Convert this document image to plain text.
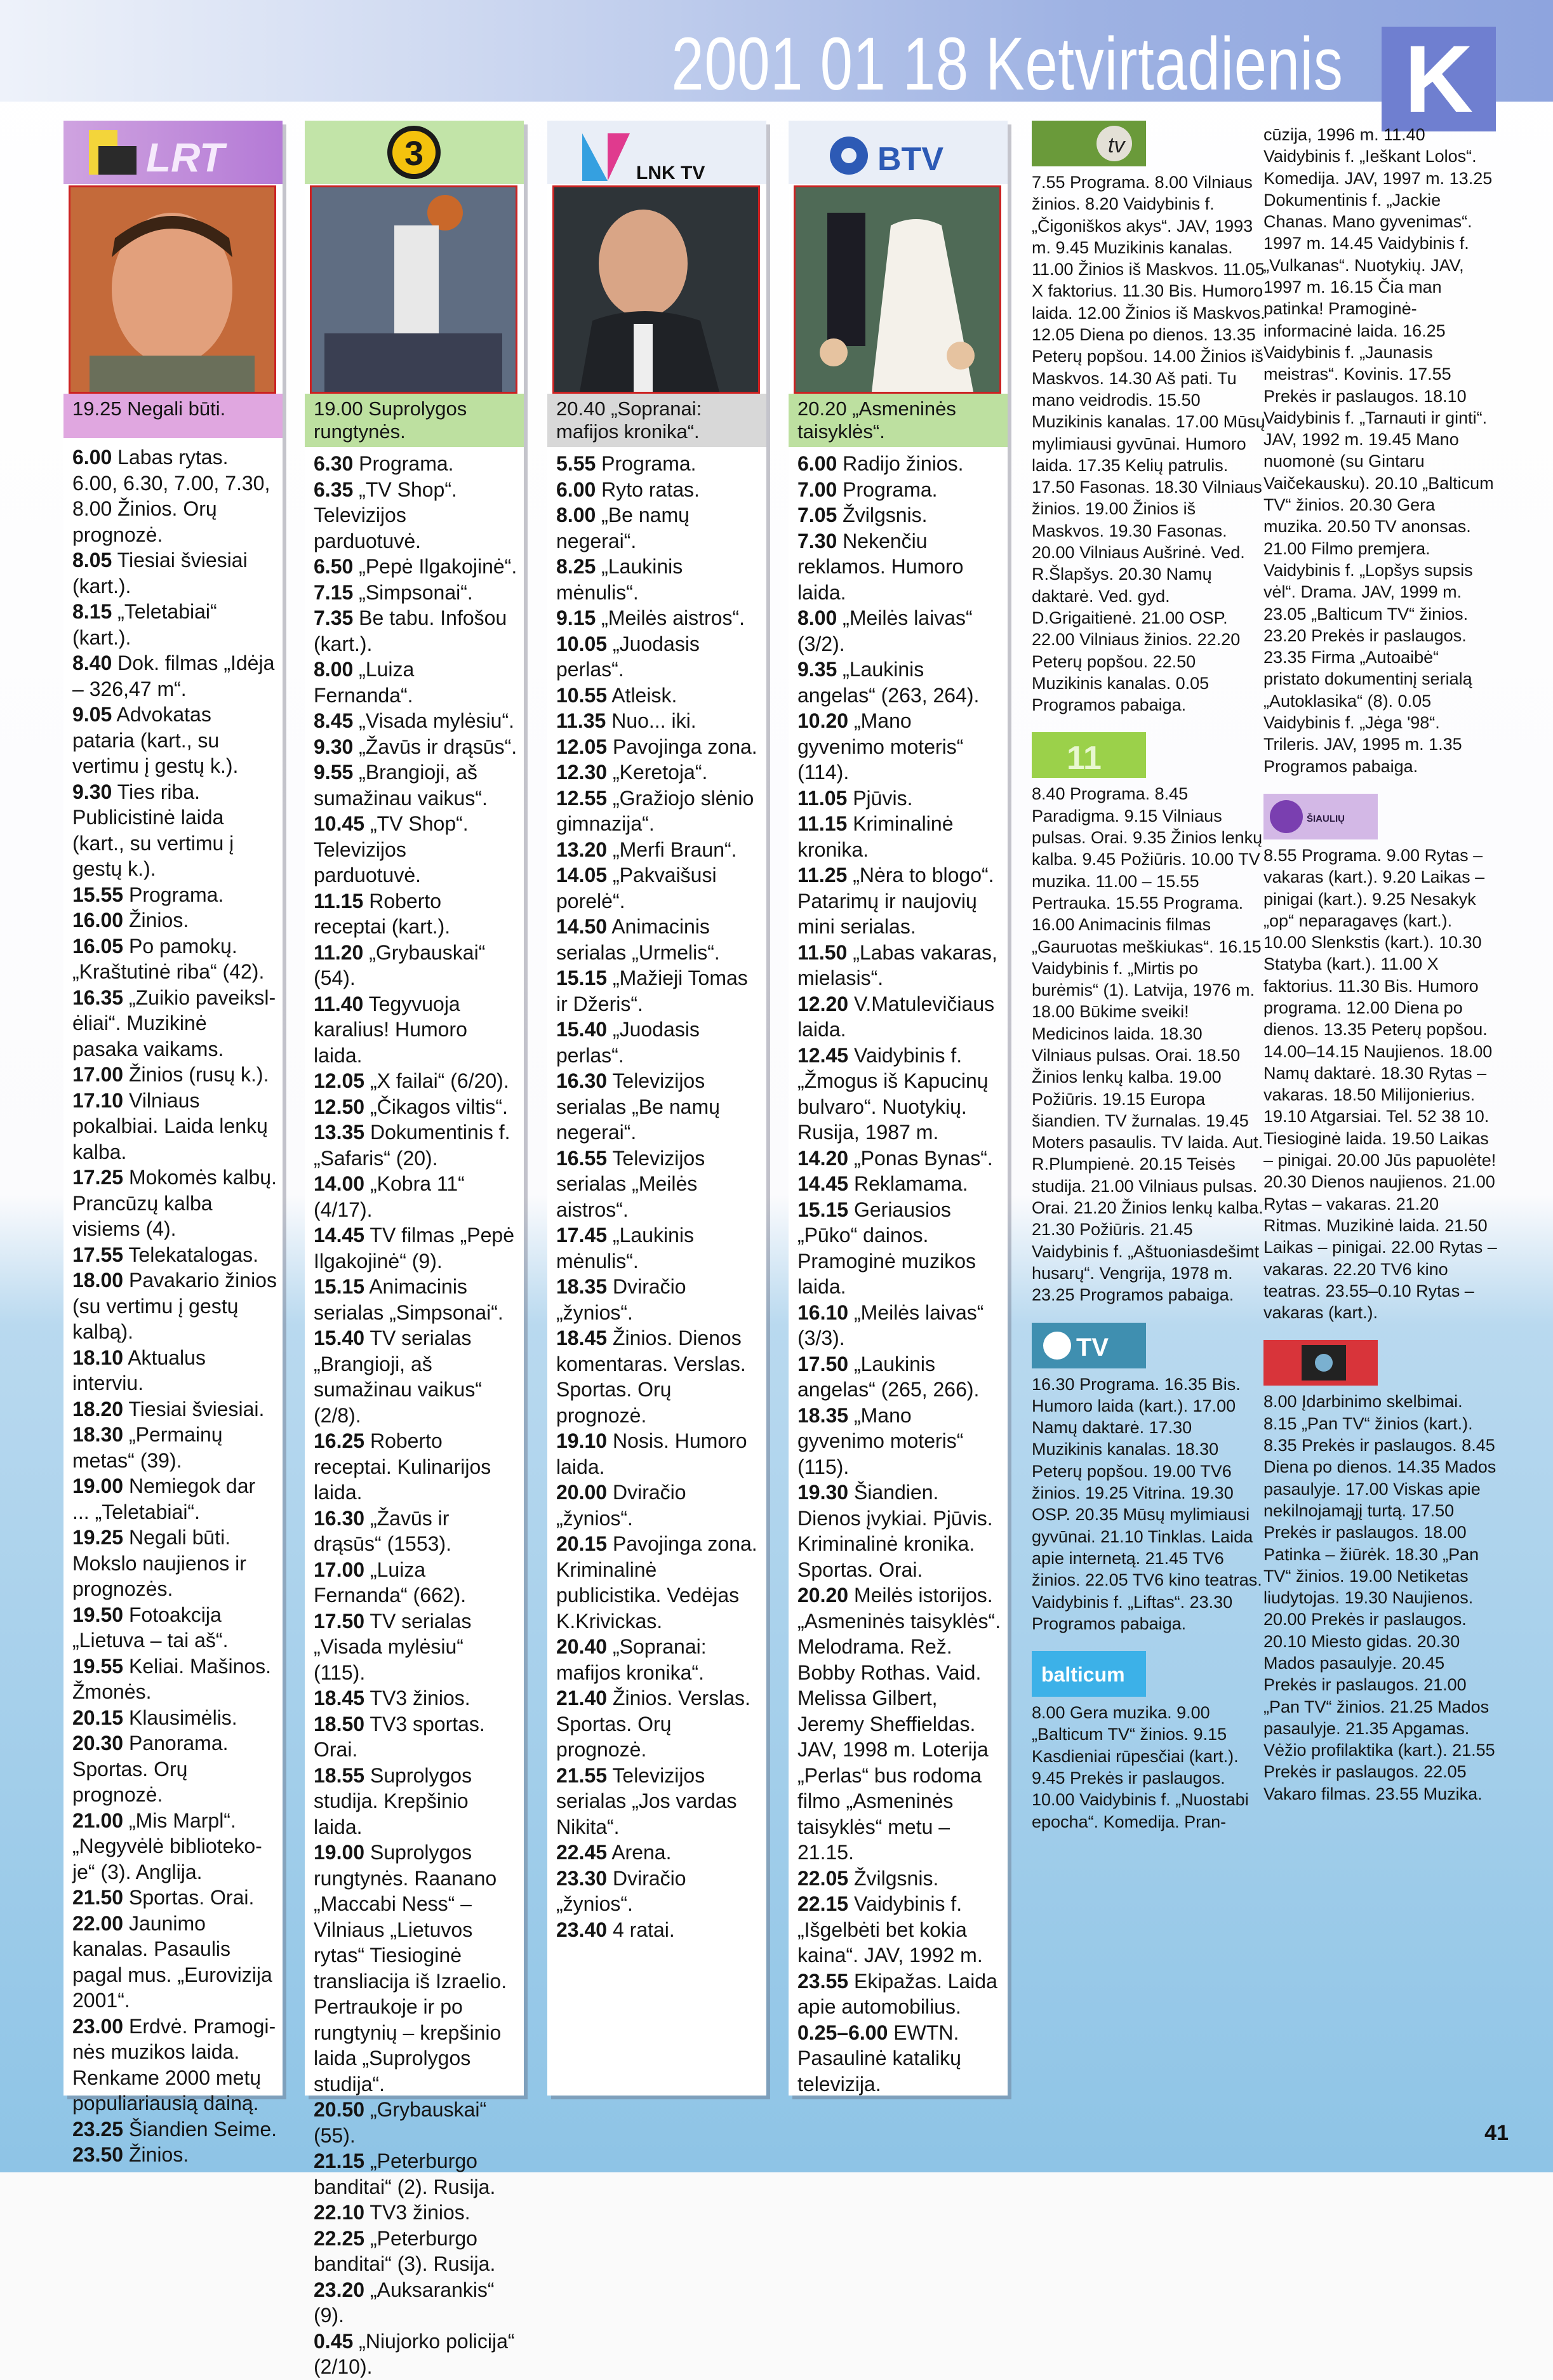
2001 01 18 Ketvirtadienis K
LRT
19.25 Negali būti.

6.00 Labas rytas.

6.00, 6.30, 7.00, 7.30, 8.00 Žinios. Orų prognozė.

8.05 Tiesiai šviesiai (kart.).

8.15 „Teletabiai“ (kart.).

8.40 Dok. filmas „Idėja – 326,47 m“.

9.05 Advokatas pataria (kart., su vertimu į gestų k.).

9.30 Ties riba. Publicistinė laida (kart., su vertimu į gestų k.).

15.55 Programa.

16.00 Žinios.

16.05 Po pamokų. „Kraštutinė riba“ (42).

16.35 „Zuikio paveikslėliai“. Muzikinė pasaka vaikams.

17.00 Žinios (rusų k.).

17.10 Vilniaus pokalbiai. Laida lenkų kalba.

17.25 Mokomės kalbų. Prancūzų kalba visiems (4).

17.55 Telekatalogas.

18.00 Pavakario žinios (su vertimu į gestų kalbą).

18.10 Aktualus interviu.

18.20 Tiesiai šviesiai.

18.30 „Permainų metas“ (39).

19.00 Nemiegok dar ... „Teletabiai“.

19.25 Negali būti. Mokslo naujienos ir prognozės.

19.50 Fotoakcija „Lietuva – tai aš“.

19.55 Keliai. Mašinos. Žmonės.

20.15 Klausimėlis.

20.30 Panorama. Sportas. Orų prognozė.

21.00 „Mis Marpl“. „Negyvėlė bibliotekoje“ (3). Anglija.

21.50 Sportas. Orai.

22.00 Jaunimo kanalas. Pasaulis pagal mus. „Eurovizija 2001“.

23.00 Erdvė. Pramoginės muzikos laida. Renkame 2000 metų populiariausią dainą.

23.25 Šiandien Seime.

23.50 Žinios.

3
19.00 Suprolygos rungtynės.

6.30 Programa.

6.35 „TV Shop“. Televizijos parduotuvė.

6.50 „Pepė Ilgakojinė“.

7.15 „Simpsonai“.

7.35 Be tabu. Infošou (kart.).

8.00 „Luiza Fernanda“.

8.45 „Visada mylėsiu“.

9.30 „Žavūs ir drąsūs“.

9.55 „Brangioji, aš sumažinau vaikus“.

10.45 „TV Shop“. Televizijos parduotuvė.

11.15 Roberto receptai (kart.).

11.20 „Grybauskai“ (54).

11.40 Tegyvuoja karalius! Humoro laida.

12.05 „X failai“ (6/20).

12.50 „Čikagos viltis“.

13.35 Dokumentinis f. „Safaris“ (20).

14.00 „Kobra 11“ (4/17).

14.45 TV filmas „Pepė Ilgakojinė“ (9).

15.15 Animacinis serialas „Simpsonai“.

15.40 TV serialas „Brangioji, aš sumažinau vaikus“ (2/8).

16.25 Roberto receptai. Kulinarijos laida.

16.30 „Žavūs ir drąsūs“ (1553).

17.00 „Luiza Fernanda“ (662).

17.50 TV serialas „Visada mylėsiu“ (115).

18.45 TV3 žinios.

18.50 TV3 sportas. Orai.

18.55 Suprolygos studija. Krepšinio laida.

19.00 Suprolygos rungtynės. Raanano „Maccabi Ness“ – Vilniaus „Lietuvos rytas“ Tiesioginė transliacija iš Izraelio. Pertraukoje ir po rungtynių – krepšinio laida „Suprolygos studija“.

20.50 „Grybauskai“ (55).

21.15 „Peterburgo banditai“ (2). Rusija.

22.10 TV3 žinios.

22.25 „Peterburgo banditai“ (3). Rusija.

23.20 „Auksarankis“ (9).

0.45 „Niujorko policija“ (2/10).

LNK TV
20.40 „Sopranai: mafijos kronika“.

5.55 Programa.

6.00 Ryto ratas.

8.00 „Be namų negerai“.

8.25 „Laukinis mėnulis“.

9.15 „Meilės aistros“.

10.05 „Juodasis perlas“.

10.55 Atleisk.

11.35 Nuo... iki.

12.05 Pavojinga zona.

12.30 „Keretoja“.

12.55 „Gražiojo slėnio gimnazija“.

13.20 „Merfi Braun“.

14.05 „Pakvaišusi porelė“.

14.50 Animacinis serialas „Urmelis“.

15.15 „Mažieji Tomas ir Džeris“.

15.40 „Juodasis perlas“.

16.30 Televizijos serialas „Be namų negerai“.

16.55 Televizijos serialas „Meilės aistros“.

17.45 „Laukinis mėnulis“.

18.35 Dviračio „žynios“.

18.45 Žinios. Dienos komentaras. Verslas. Sportas. Orų prognozė.

19.10 Nosis. Humoro laida.

20.00 Dviračio „žynios“.

20.15 Pavojinga zona. Kriminalinė publicistika. Vedėjas K.Krivickas.

20.40 „Sopranai: mafijos kronika“.

21.40 Žinios. Verslas. Sportas. Orų prognozė.

21.55 Televizijos serialas „Jos vardas Nikita“.

22.45 Arena.

23.30 Dviračio „žynios“.

23.40 4 ratai.

BTV
20.20 „Asmeninės taisyklės“.

6.00 Radijo žinios.

7.00 Programa.

7.05 Žvilgsnis.

7.30 Nekenčiu reklamos. Humoro laida.

8.00 „Meilės laivas“ (3/2).

9.35 „Laukinis angelas“ (263, 264).

10.20 „Mano gyvenimo moteris“ (114).

11.05 Pjūvis.

11.15 Kriminalinė kronika.

11.25 „Nėra to blogo“. Patarimų ir naujovių mini serialas.

11.50 „Labas vakaras, mielasis“.

12.20 V.Matulevičiaus laida.

12.45 Vaidybinis f. „Žmogus iš Kapucinų bulvaro“. Nuotykių. Rusija, 1987 m.

14.20 „Ponas Bynas“.

14.45 Reklamama.

15.15 Geriausios „Pūko“ dainos. Pramoginė muzikos laida.

16.10 „Meilės laivas“ (3/3).

17.50 „Laukinis angelas“ (265, 266).

18.35 „Mano gyvenimo moteris“ (115).

19.30 Šiandien. Dienos įvykiai. Pjūvis. Kriminalinė kronika. Sportas. Orai.

20.20 Meilės istorijos. „Asmeninės taisyklės“. Melodrama. Rež. Bobby Rothas. Vaid. Melissa Gilbert, Jeremy Sheffieldas. JAV, 1998 m. Loterija „Perlas“ bus rodoma filmo „Asmeninės taisyklės“ metu – 21.15.

22.05 Žvilgsnis.

22.15 Vaidybinis f. „Išgelbėti bet kokia kaina“. JAV, 1992 m.

23.55 Ekipažas. Laida apie automobilius.

0.25–6.00 EWTN. Pasaulinė katalikų televizija.

tv

7.55 Programa. 8.00 Vilniaus žinios. 8.20 Vaidybinis f. „Čigoniškos akys“. JAV, 1993 m. 9.45 Muzikinis kanalas. 11.00 Žinios iš Maskvos. 11.05 X faktorius. 11.30 Bis. Humoro laida. 12.00 Žinios iš Maskvos. 12.05 Diena po dienos. 13.35 Peterų popšou. 14.00 Žinios iš Maskvos. 14.30 Aš pati. Tu mano veidrodis. 15.50 Muzikinis kanalas. 17.00 Mūsų mylimiausi gyvūnai. Humoro laida. 17.35 Kelių patrulis. 17.50 Fasonas. 18.30 Vilniaus žinios. 19.00 Žinios iš Maskvos. 19.30 Fasonas. 20.00 Vilniaus Aušrinė. Ved. R.Šlapšys. 20.30 Namų daktarė. Ved. gyd. D.Grigaitienė. 21.00 OSP. 22.00 Vilniaus žinios. 22.20 Peterų popšou. 22.50 Muzikinis kanalas. 0.05 Programos pabaiga.

11

8.40 Programa. 8.45 Paradigma. 9.15 Vilniaus pulsas. Orai. 9.35 Žinios lenkų kalba. 9.45 Požiūris. 10.00 TV muzika. 11.00 – 15.55 Pertrauka. 15.55 Programa. 16.00 Animacinis filmas „Gauruotas meškiukas“. 16.15 Vaidybinis f. „Mirtis po burėmis“ (1). Latvija, 1976 m. 18.00 Būkime sveiki! Medicinos laida. 18.30 Vilniaus pulsas. Orai. 18.50 Žinios lenkų kalba. 19.00 Požiūris. 19.15 Europa šiandien. TV žurnalas. 19.45 Moters pasaulis. TV laida. Aut. R.Plumpienė. 20.15 Teisės studija. 21.00 Vilniaus pulsas. Orai. 21.20 Žinios lenkų kalba. 21.30 Požiūris. 21.45 Vaidybinis f. „Aštuoniasdešimt husarų“. Vengrija, 1978 m. 23.25 Programos pabaiga.

TV

16.30 Programa. 16.35 Bis. Humoro laida (kart.). 17.00 Namų daktarė. 17.30 Muzikinis kanalas. 18.30 Peterų popšou. 19.00 TV6 žinios. 19.25 Vitrina. 19.30 OSP. 20.35 Mūsų mylimiausi gyvūnai. 21.10 Tinklas. Laida apie internetą. 21.45 TV6 žinios. 22.05 TV6 kino teatras. Vaidybinis f. „Liftas“. 23.30 Programos pabaiga.

balticum

8.00 Gera muzika. 9.00 „Balticum TV“ žinios. 9.15 Kasdieniai rūpesčiai (kart.). 9.45 Prekės ir paslaugos. 10.00 Vaidybinis f. „Nuostabi epocha“. Komedija. Pran-

cūzija, 1996 m. 11.40 Vaidybinis f. „Ieškant Lolos“. Komedija. JAV, 1997 m. 13.25 Dokumentinis f. „Jackie Chanas. Mano gyvenimas“. 1997 m. 14.45 Vaidybinis f. „Vulkanas“. Nuotykių. JAV, 1997 m. 16.15 Čia man patinka! Pramoginė-informacinė laida. 16.25 Vaidybinis f. „Jaunasis meistras“. Kovinis. 17.55 Prekės ir paslaugos. 18.10 Vaidybinis f. „Tarnauti ir ginti“. JAV, 1992 m. 19.45 Mano nuomonė (su Gintaru Vaičekausku). 20.10 „Balticum TV“ žinios. 20.30 Gera muzika. 20.50 TV anonsas. 21.00 Filmo premjera. Vaidybinis f. „Lopšys supsis vėl“. Drama. JAV, 1999 m. 23.05 „Balticum TV“ žinios. 23.20 Prekės ir paslaugos. 23.35 Firma „Autoaibė“ pristato dokumentinį serialą „Autoklasika“ (8). 0.05 Vaidybinis f. „Jėga '98“. Trileris. JAV, 1995 m. 1.35 Programos pabaiga.

ŠIAULIŲ

8.55 Programa. 9.00 Rytas – vakaras (kart.). 9.20 Laikas – pinigai (kart.). 9.25 Nesakyk „op“ neparagavęs (kart.). 10.00 Slenkstis (kart.). 10.30 Statyba (kart.). 11.00 X faktorius. 11.30 Bis. Humoro programa. 12.00 Diena po dienos. 13.35 Peterų popšou. 14.00–14.15 Naujienos. 18.00 Namų daktarė. 18.30 Rytas – vakaras. 18.50 Milijonierius. 19.10 Atgarsiai. Tel. 52 38 10. Tiesioginė laida. 19.50 Laikas – pinigai. 20.00 Jūs papuolėte! 20.30 Dienos naujienos. 21.00 Rytas – vakaras. 21.20 Ritmas. Muzikinė laida. 21.50 Laikas – pinigai. 22.00 Rytas – vakaras. 22.20 TV6 kino teatras. 23.55–0.10 Rytas – vakaras (kart.).

8.00 Įdarbinimo skelbimai. 8.15 „Pan TV“ žinios (kart.). 8.35 Prekės ir paslaugos. 8.45 Diena po dienos. 14.35 Mados pasaulyje. 17.00 Viskas apie nekilnojamąjį turtą. 17.50 Prekės ir paslaugos. 18.00 Patinka – žiūrėk. 18.30 „Pan TV“ žinios. 19.00 Netiketas liudytojas. 19.30 Naujienos. 20.00 Prekės ir paslaugos. 20.10 Miesto gidas. 20.30 Mados pasaulyje. 20.45 Prekės ir paslaugos. 21.00 „Pan TV“ žinios. 21.25 Mados pasaulyje. 21.35 Apgamas. Vėžio profilaktika (kart.). 21.55 Prekės ir paslaugos. 22.05 Vakaro filmas. 23.55 Muzika.

41
